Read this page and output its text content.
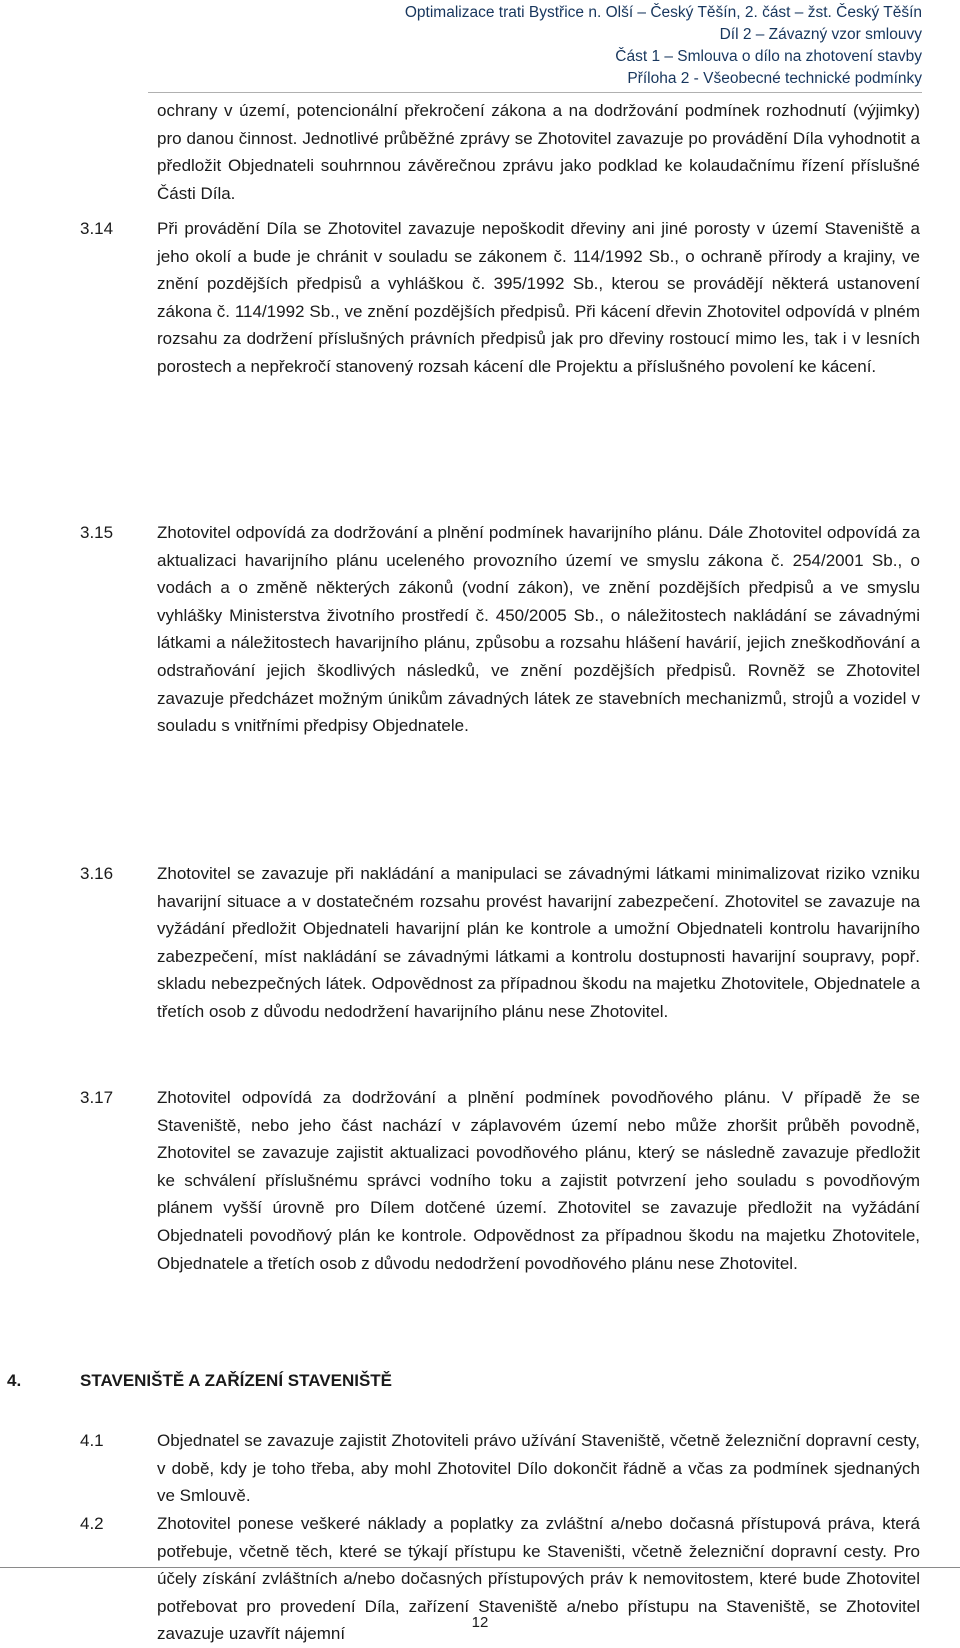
Optimalizace trati Bystřice n. Olší – Český Těšín, 2. část – žst. Český Těšín
Díl 2 – Závazný vzor smlouvy
Část 1 – Smlouva o dílo na zhotovení stavby
Příloha 2 - Všeobecné technické podmínky
ochrany v území, potencionální překročení zákona a na dodržování podmínek rozhodnutí (výjimky) pro danou činnost. Jednotlivé průběžné zprávy se Zhotovitel zavazuje po provádění Díla vyhodnotit a předložit Objednateli souhrnnou závěrečnou zprávu jako podklad ke kolaudačnímu řízení příslušné Části Díla.
3.14	Při provádění Díla se Zhotovitel zavazuje nepoškodit dřeviny ani jiné porosty v území Staveniště a jeho okolí a bude je chránit v souladu se zákonem č. 114/1992 Sb., o ochraně přírody a krajiny, ve znění pozdějších předpisů a vyhláškou č. 395/1992 Sb., kterou se provádějí některá ustanovení zákona č. 114/1992 Sb., ve znění pozdějších předpisů. Při kácení dřevin Zhotovitel odpovídá v plném rozsahu za dodržení příslušných právních předpisů jak pro dřeviny rostoucí mimo les, tak i v lesních porostech a nepřekročí stanovený rozsah kácení dle Projektu a příslušného povolení ke kácení.
3.15	Zhotovitel odpovídá za dodržování a plnění podmínek havarijního plánu. Dále Zhotovitel odpovídá za aktualizaci havarijního plánu uceleného provozního území ve smyslu zákona č. 254/2001 Sb., o vodách a o změně některých zákonů (vodní zákon), ve znění pozdějších předpisů a ve smyslu vyhlášky Ministerstva životního prostředí č. 450/2005 Sb., o náležitostech nakládání se závadnými látkami a náležitostech havarijního plánu, způsobu a rozsahu hlášení havárií, jejich zneškodňování a odstraňování jejich škodlivých následků, ve znění pozdějších předpisů. Rovněž se Zhotovitel zavazuje předcházet možným únikům závadných látek ze stavebních mechanizmů, strojů a vozidel v souladu s vnitřními předpisy Objednatele.
3.16	Zhotovitel se zavazuje při nakládání a manipulaci se závadnými látkami minimalizovat riziko vzniku havarijní situace a v dostatečném rozsahu provést havarijní zabezpečení. Zhotovitel se zavazuje na vyžádání předložit Objednateli havarijní plán ke kontrole a umožní Objednateli kontrolu havarijního zabezpečení, míst nakládání se závadnými látkami a kontrolu dostupnosti havarijní soupravy, popř. skladu nebezpečných látek. Odpovědnost za případnou škodu na majetku Zhotovitele, Objednatele a třetích osob z důvodu nedodržení havarijního plánu nese Zhotovitel.
3.17	Zhotovitel odpovídá za dodržování a plnění podmínek povodňového plánu. V případě že se Staveniště, nebo jeho část nachází v záplavovém území nebo může zhoršit průběh povodně, Zhotovitel se zavazuje zajistit aktualizaci povodňového plánu, který se následně zavazuje předložit ke schválení příslušnému správci vodního toku a zajistit potvrzení jeho souladu s povodňovým plánem vyšší úrovně pro Dílem dotčené území. Zhotovitel se zavazuje předložit na vyžádání Objednateli povodňový plán ke kontrole. Odpovědnost za případnou škodu na majetku Zhotovitele, Objednatele a třetích osob z důvodu nedodržení povodňového plánu nese Zhotovitel.
4.	STAVENIŠTĚ A ZAŘÍZENÍ STAVENIŠTĚ
4.1	Objednatel se zavazuje zajistit Zhotoviteli právo užívání Staveniště, včetně železniční dopravní cesty, v době, kdy je toho třeba, aby mohl Zhotovitel Dílo dokončit řádně a včas za podmínek sjednaných ve Smlouvě.
4.2	Zhotovitel ponese veškeré náklady a poplatky za zvláštní a/nebo dočasná přístupová práva, která potřebuje, včetně těch, které se týkají přístupu ke Staveništi, včetně železniční dopravní cesty. Pro účely získání zvláštních a/nebo dočasných přístupových práv k nemovitostem, které bude Zhotovitel potřebovat pro provedení Díla, zařízení Staveniště a/nebo přístupu na Staveniště, se Zhotovitel zavazuje uzavřít nájemní
12
